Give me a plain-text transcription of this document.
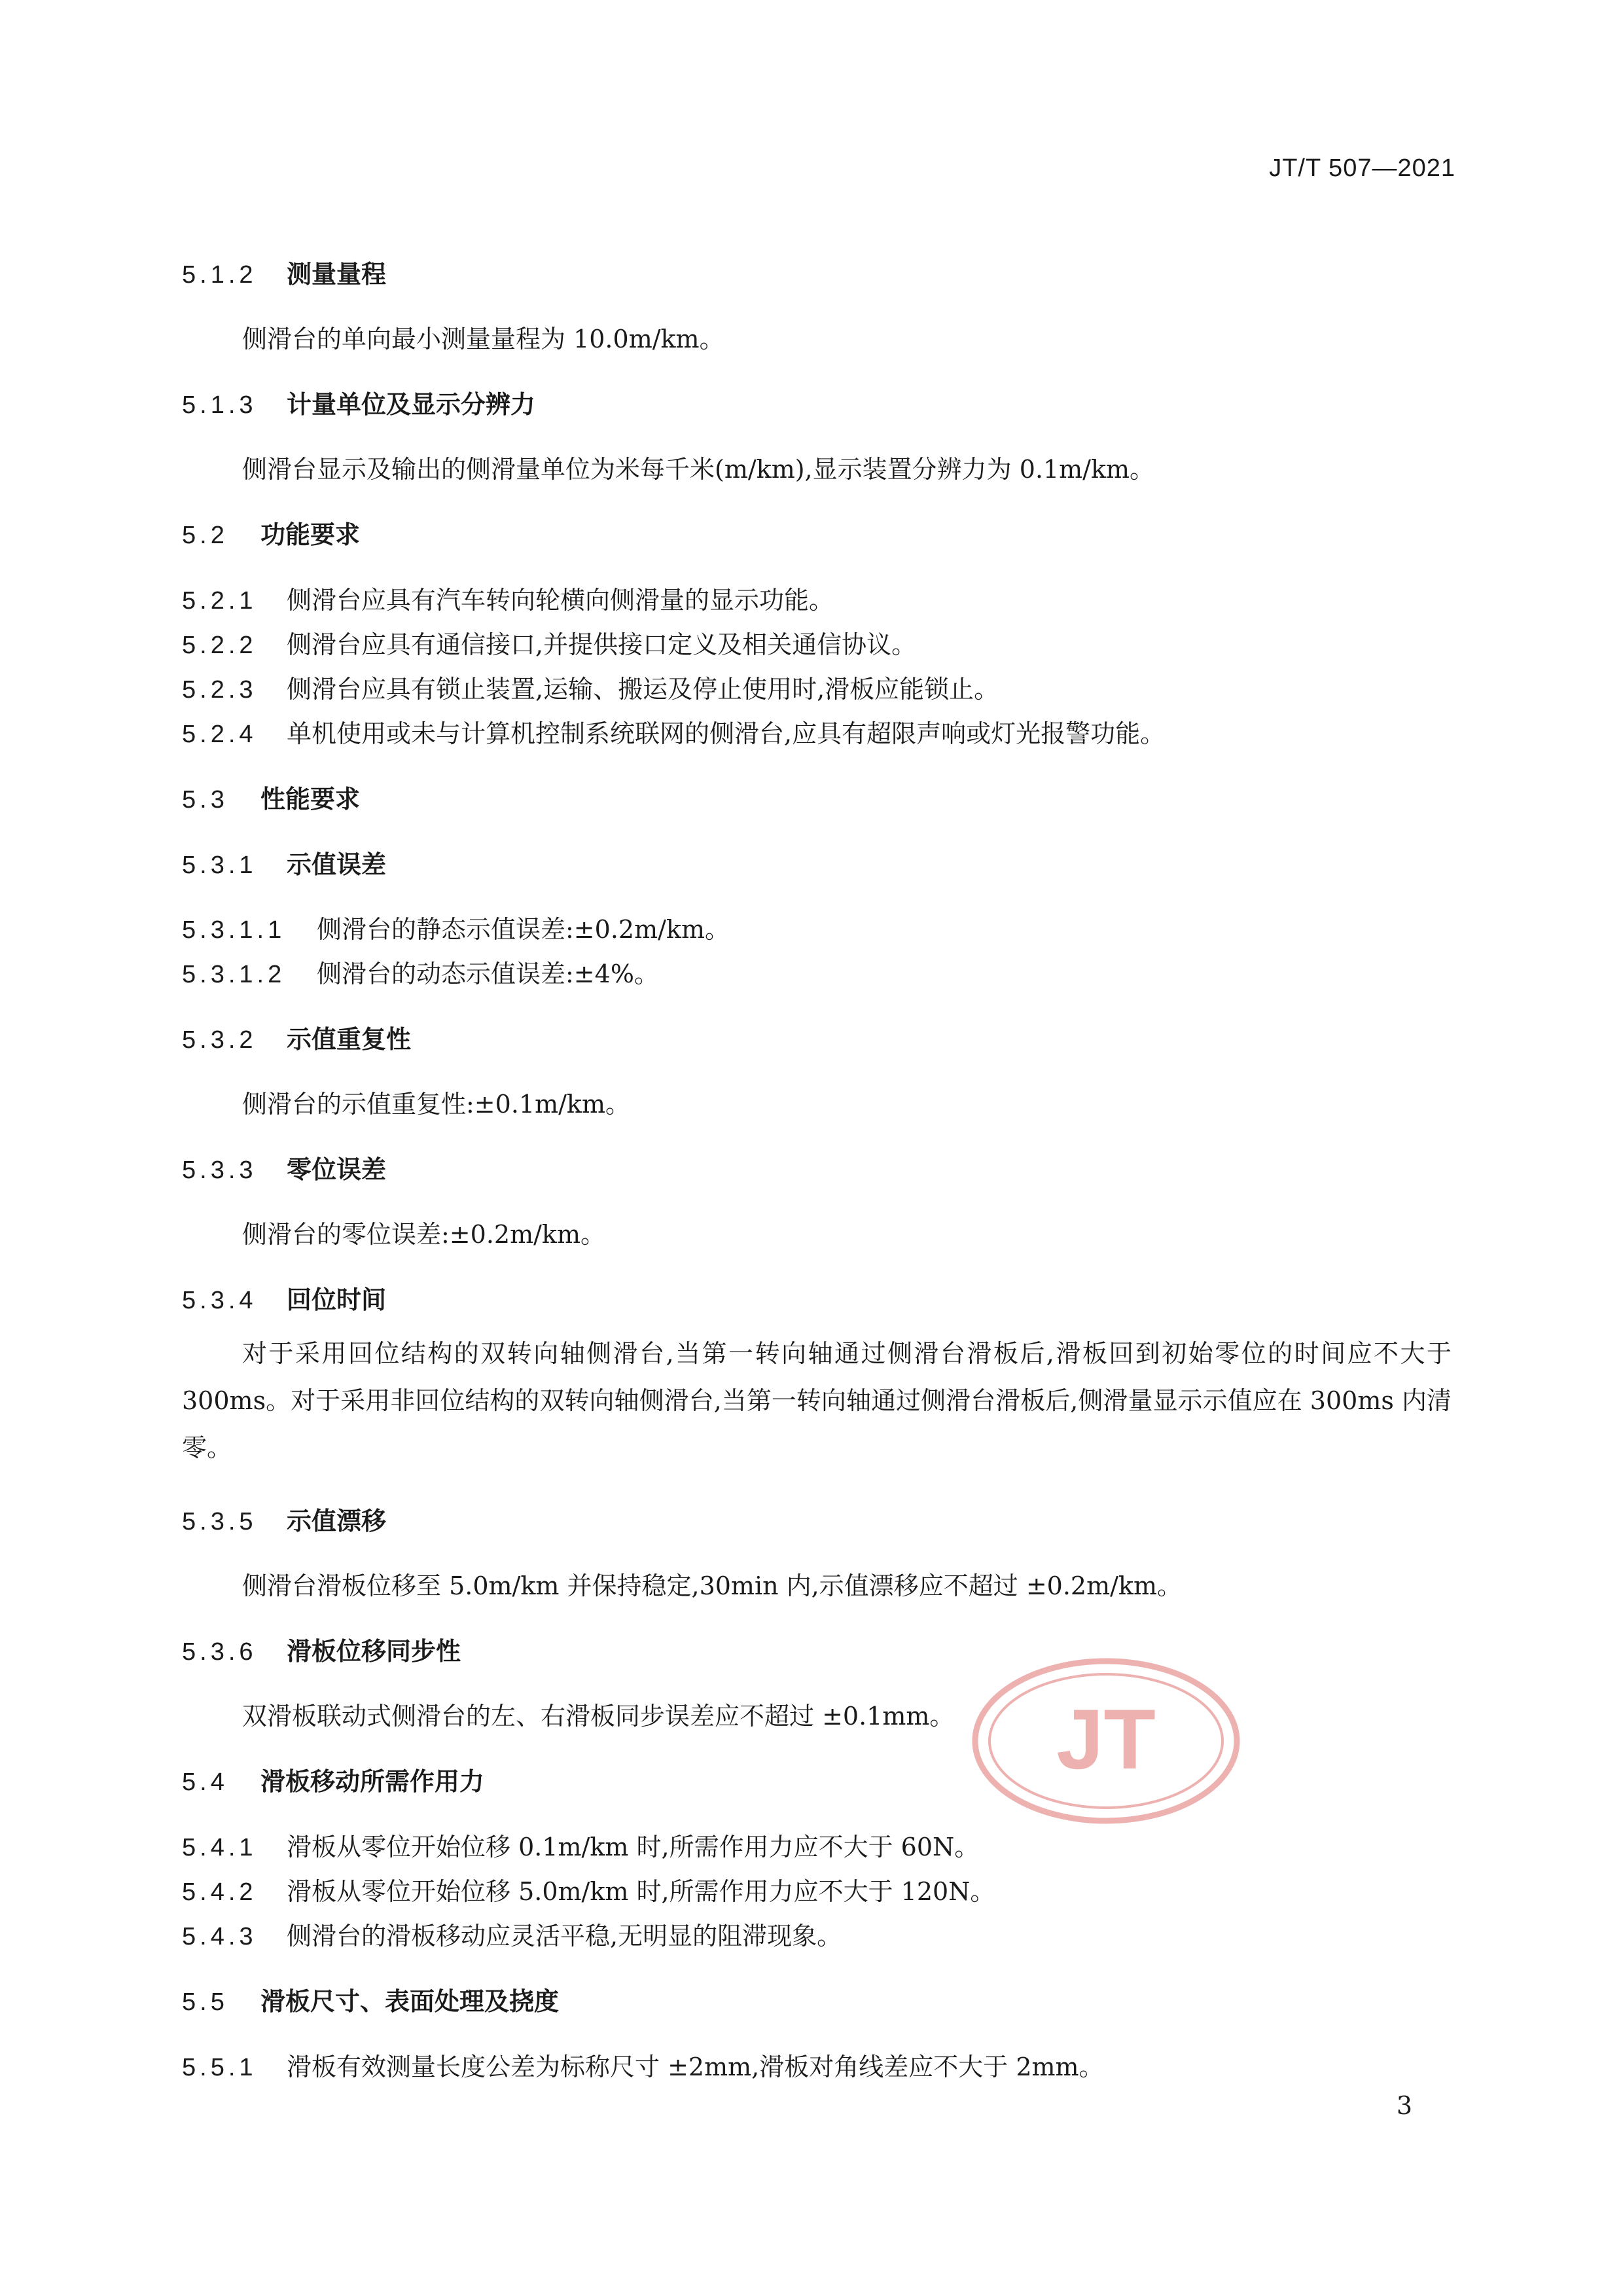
JT/T 507—2021
5.1.2 测量量程
侧滑台的单向最小测量量程为 10.0m/km。
5.1.3 计量单位及显示分辨力
侧滑台显示及输出的侧滑量单位为米每千米(m/km),显示装置分辨力为 0.1m/km。
5.2 功能要求
5.2.1 侧滑台应具有汽车转向轮横向侧滑量的显示功能。
5.2.2 侧滑台应具有通信接口,并提供接口定义及相关通信协议。
5.2.3 侧滑台应具有锁止装置,运输、搬运及停止使用时,滑板应能锁止。
5.2.4 单机使用或未与计算机控制系统联网的侧滑台,应具有超限声响或灯光报警功能。
5.3 性能要求
5.3.1 示值误差
5.3.1.1 侧滑台的静态示值误差:±0.2m/km。
5.3.1.2 侧滑台的动态示值误差:±4%。
5.3.2 示值重复性
侧滑台的示值重复性:±0.1m/km。
5.3.3 零位误差
侧滑台的零位误差:±0.2m/km。
5.3.4 回位时间
对于采用回位结构的双转向轴侧滑台,当第一转向轴通过侧滑台滑板后,滑板回到初始零位的时间应不大于 300ms。对于采用非回位结构的双转向轴侧滑台,当第一转向轴通过侧滑台滑板后,侧滑量显示示值应在 300ms 内清零。
5.3.5 示值漂移
侧滑台滑板位移至 5.0m/km 并保持稳定,30min 内,示值漂移应不超过 ±0.2m/km。
5.3.6 滑板位移同步性
双滑板联动式侧滑台的左、右滑板同步误差应不超过 ±0.1mm。
5.4 滑板移动所需作用力
5.4.1 滑板从零位开始位移 0.1m/km 时,所需作用力应不大于 60N。
5.4.2 滑板从零位开始位移 5.0m/km 时,所需作用力应不大于 120N。
5.4.3 侧滑台的滑板移动应灵活平稳,无明显的阻滞现象。
5.5 滑板尺寸、表面处理及挠度
5.5.1 滑板有效测量长度公差为标称尺寸 ±2mm,滑板对角线差应不大于 2mm。
JT
3
